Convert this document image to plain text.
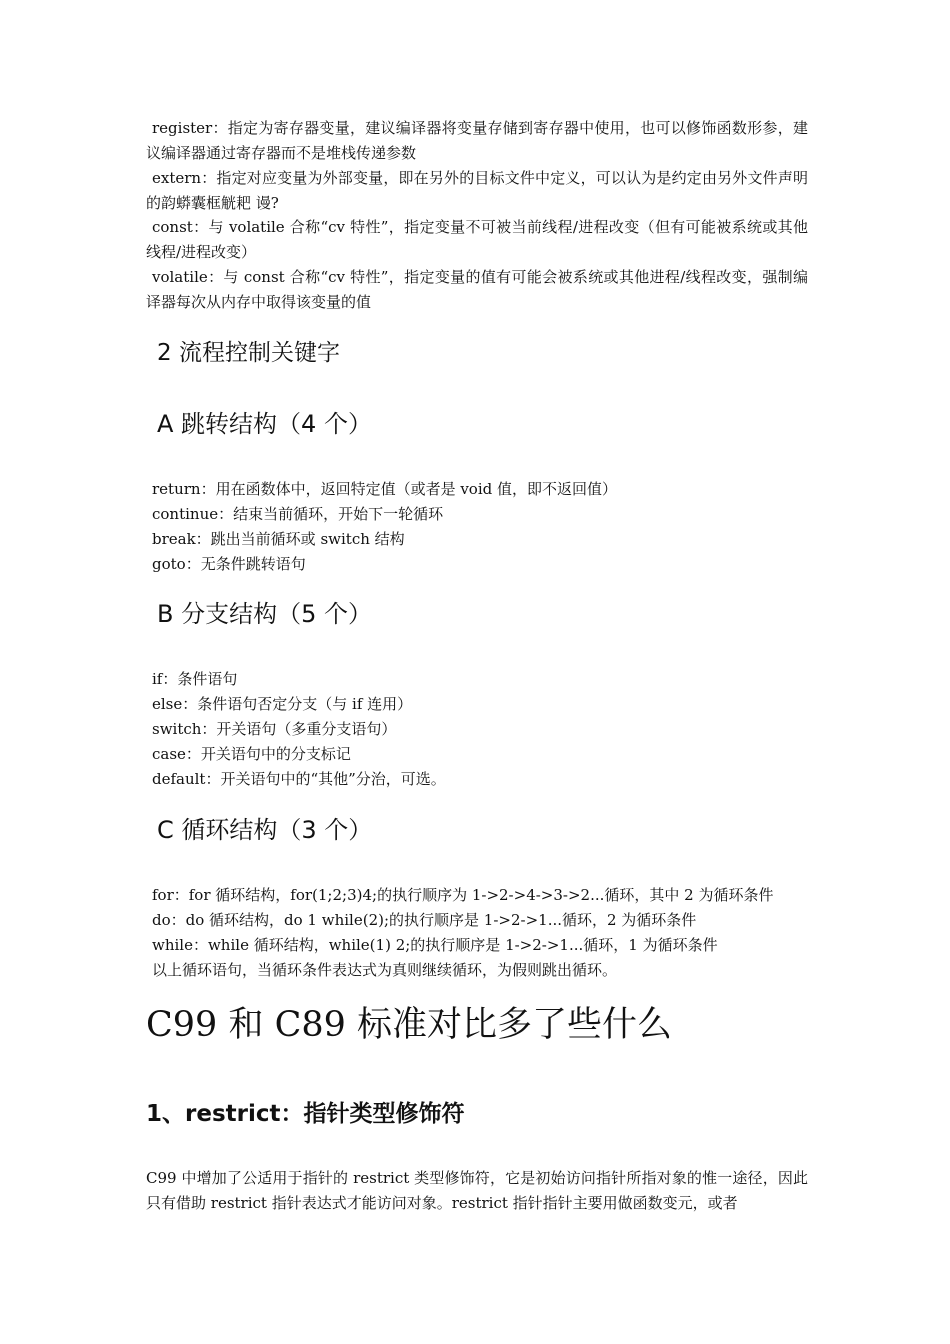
register：指定为寄存器变量，建议编译器将变量存储到寄存器中使用，也可以修饰函数形参，建议编译器通过寄存器而不是堆栈传递参数

extern：指定对应变量为外部变量，即在另外的目标文件中定义，可以认为是约定由另外文件声明的韵蟒囊框觥耙 谩?

const：与 volatile 合称“cv 特性”，指定变量不可被当前线程/进程改变（但有可能被系统或其他线程/进程改变）

volatile：与 const 合称“cv 特性”，指定变量的值有可能会被系统或其他进程/线程改变，强制编译器每次从内存中取得该变量的值

2 流程控制关键字
A 跳转结构（4 个）

return：用在函数体中，返回特定值（或者是 void 值，即不返回值）

continue：结束当前循环，开始下一轮循环

break：跳出当前循环或 switch 结构

goto：无条件跳转语句

B 分支结构（5 个）

if：条件语句

else：条件语句否定分支（与 if 连用）

switch：开关语句（多重分支语句）

case：开关语句中的分支标记

default：开关语句中的“其他”分治，可选。

C 循环结构（3 个）

for：for 循环结构，for(1;2;3)4;的执行顺序为 1->2->4->3->2...循环，其中 2 为循环条件

do：do 循环结构，do 1 while(2);的执行顺序是 1->2->1...循环，2 为循环条件

while：while 循环结构，while(1) 2;的执行顺序是 1->2->1...循环，1 为循环条件

以上循环语句，当循环条件表达式为真则继续循环，为假则跳出循环。

C99 和 C89 标准对比多了些什么
1、restrict：指针类型修饰符

C99 中增加了公适用于指针的 restrict 类型修饰符，它是初始访问指针所指对象的惟一途径，因此只有借助 restrict 指针表达式才能访问对象。restrict 指针指针主要用做函数变元，或者
